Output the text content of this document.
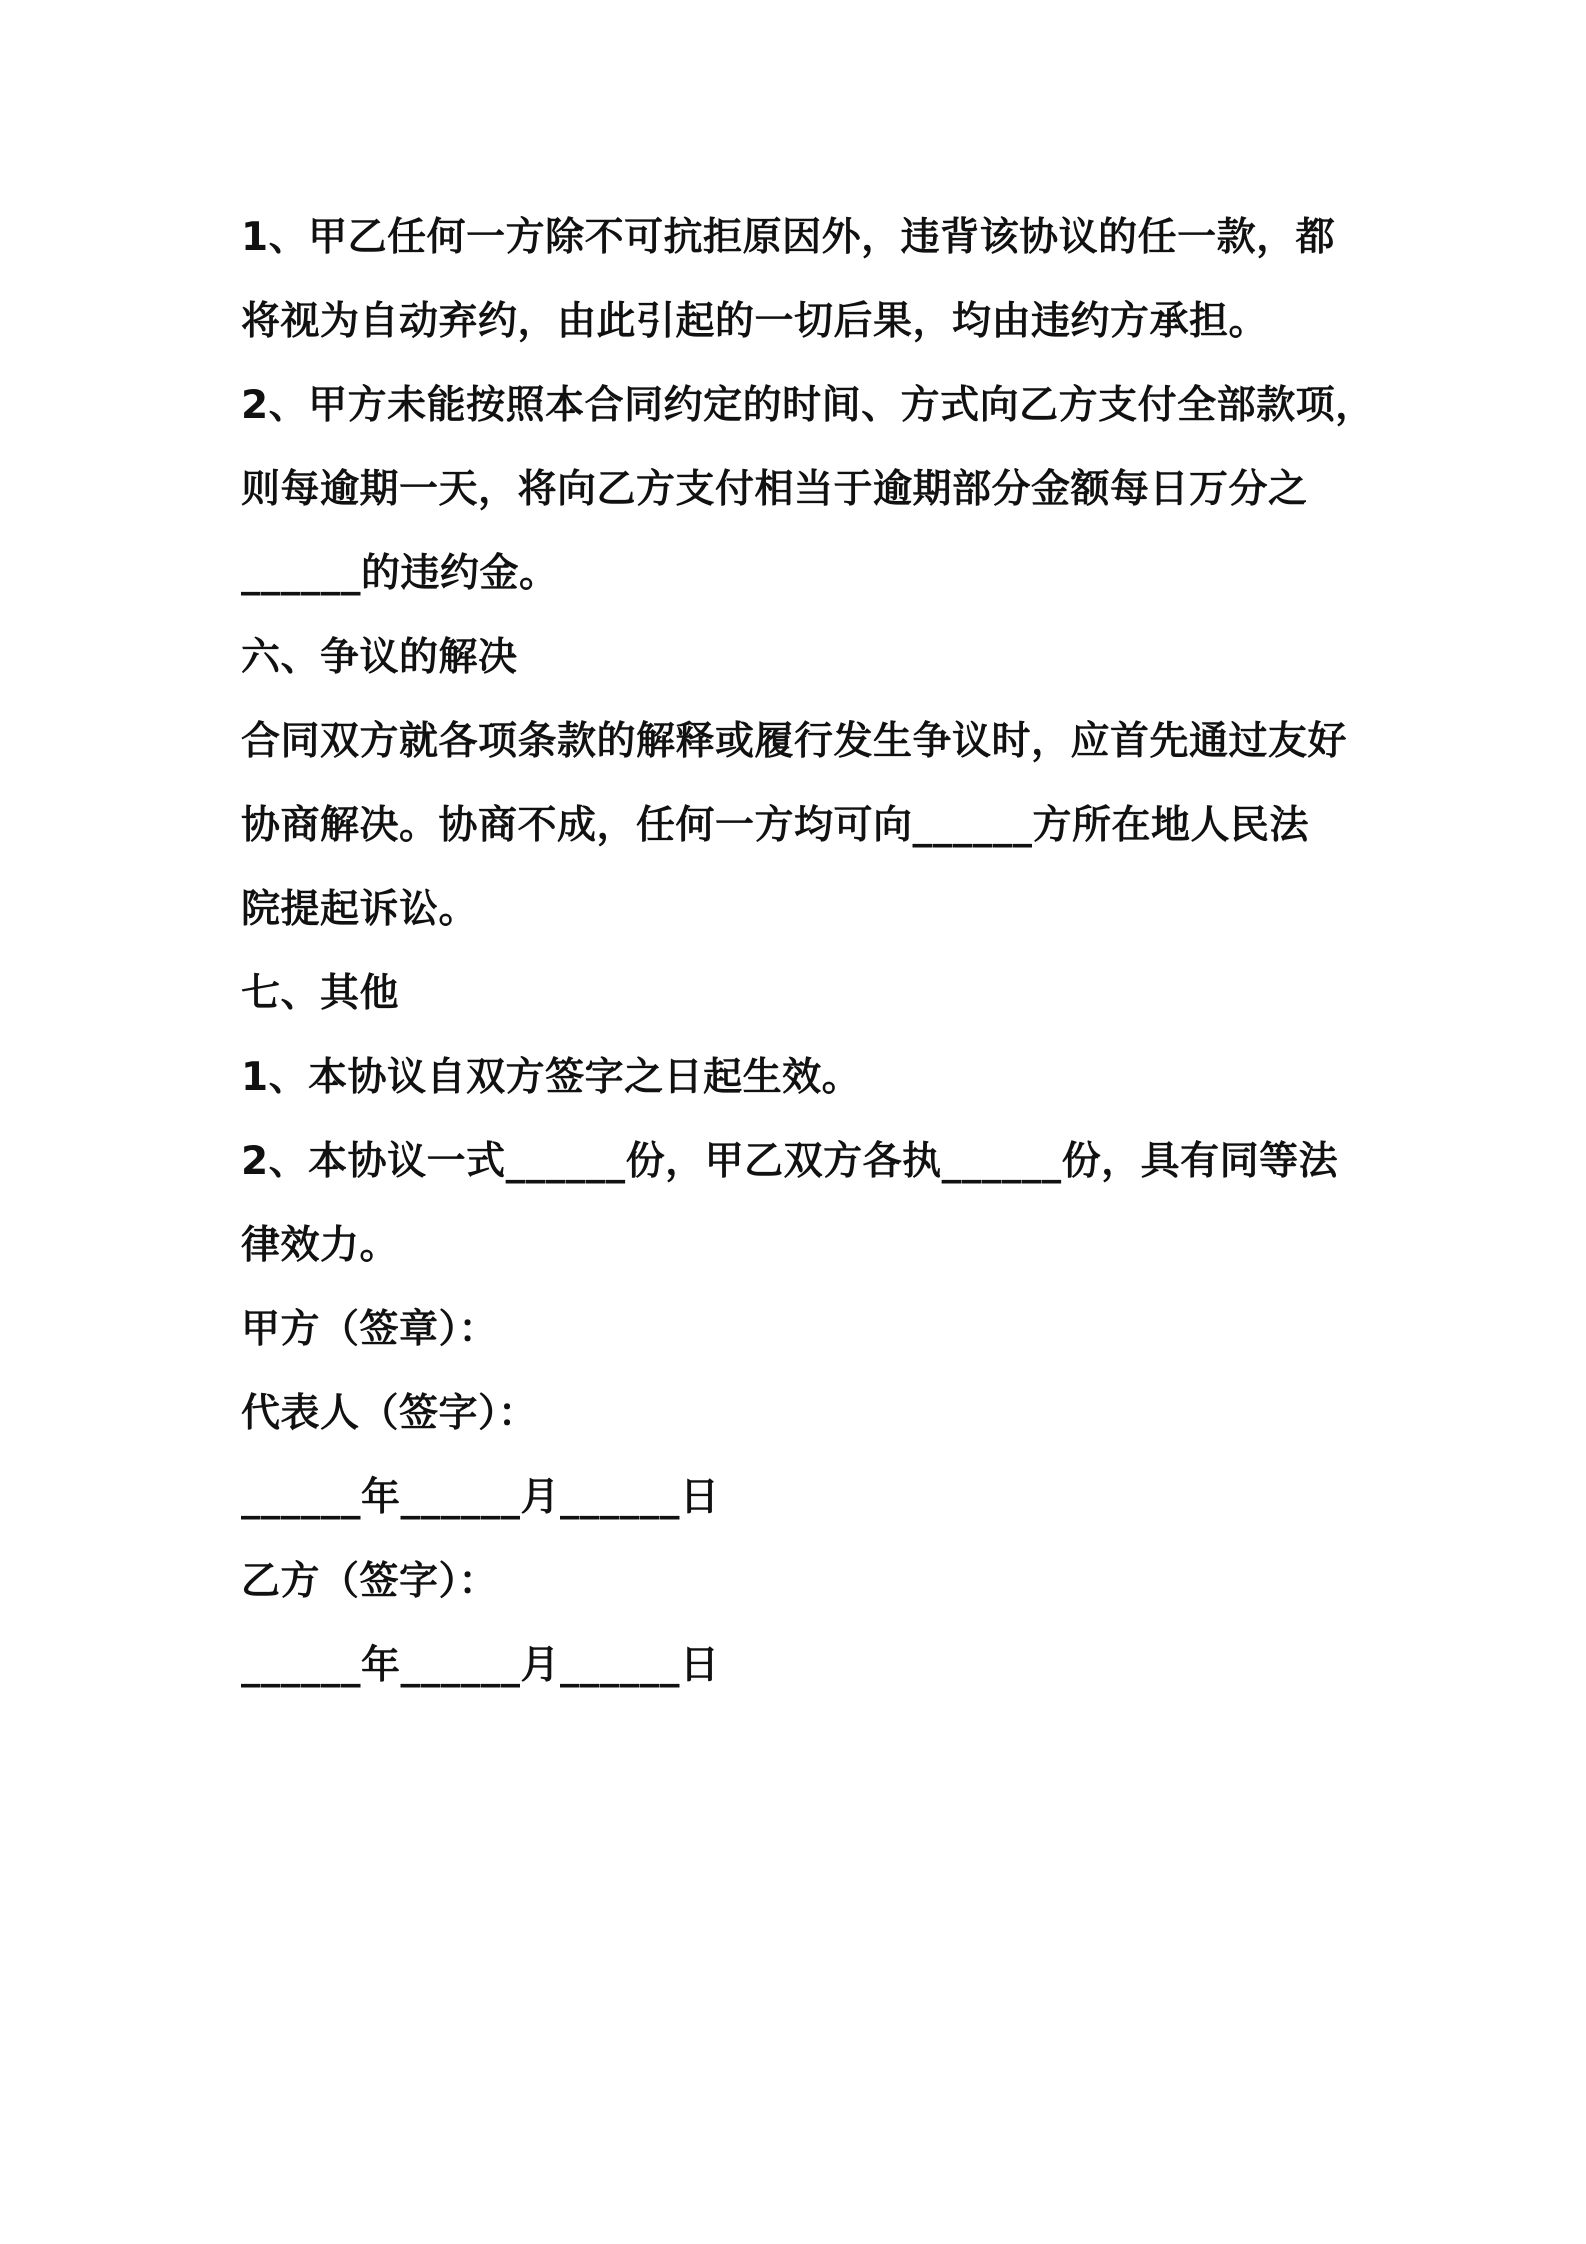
1、甲乙任何一方除不可抗拒原因外，违背该协议的任一款，都
将视为自动弃约，由此引起的一切后果，均由违约方承担。
2、甲方未能按照本合同约定的时间、方式向乙方支付全部款项，
则每逾期一天，将向乙方支付相当于逾期部分金额每日万分之
______的违约金。
六、争议的解决
合同双方就各项条款的解释或履行发生争议时，应首先通过友好
协商解决。协商不成，任何一方均可向______方所在地人民法
院提起诉讼。
七、其他
1、本协议自双方签字之日起生效。
2、本协议一式______份，甲乙双方各执______份，具有同等法
律效力。
甲方（签章）：
代表人（签字）：
______年______月______日
乙方（签字）：
______年______月______日
